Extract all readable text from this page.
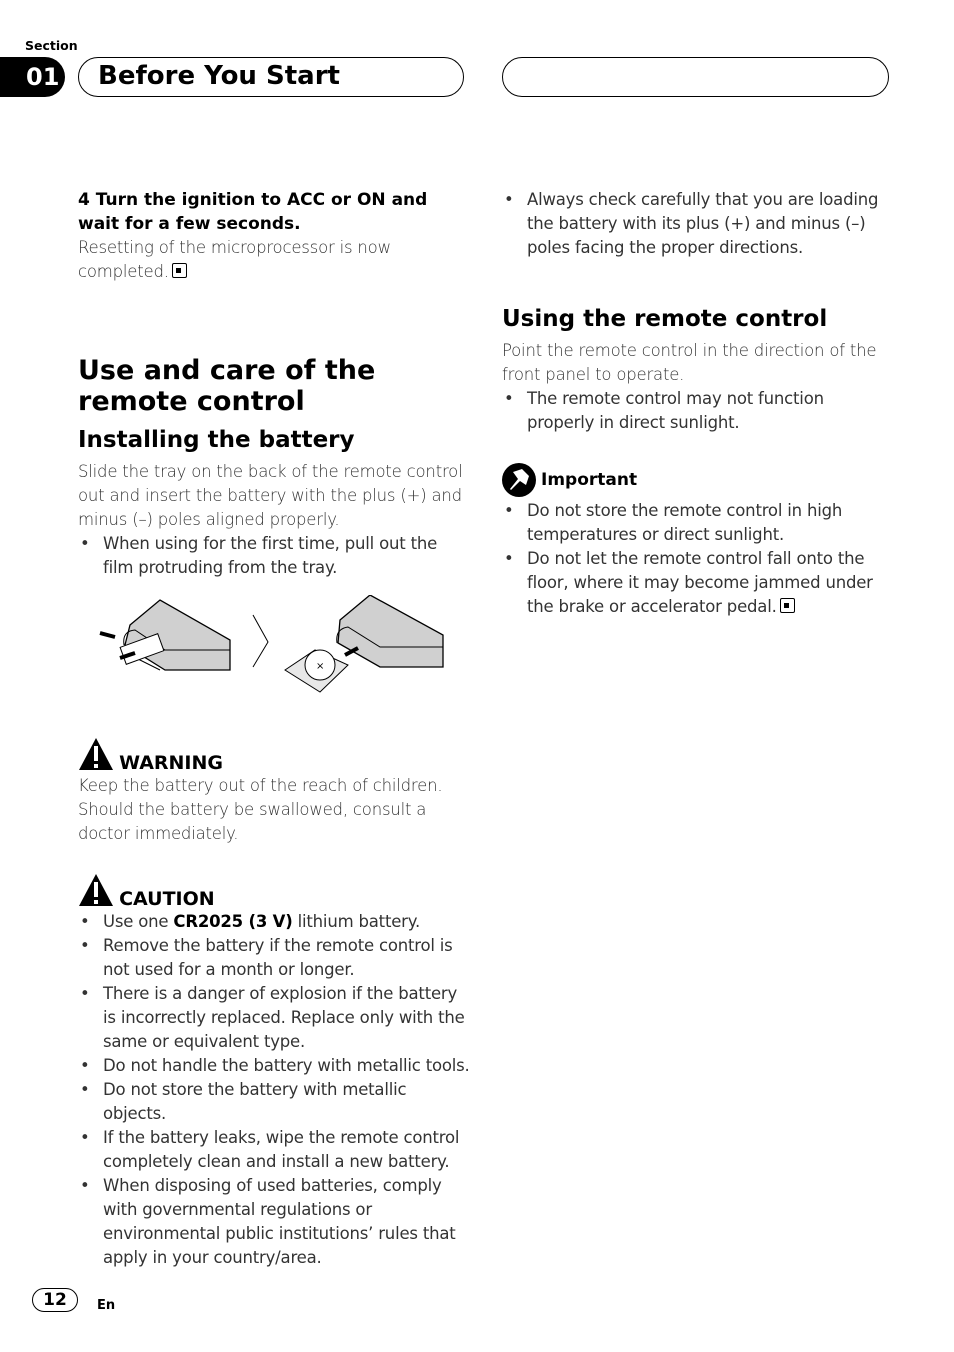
Section
01	Before You Start
4 Turn the ignition to ACC or ON and wait for a few seconds.
Resetting of the microprocessor is now completed.
Use and care of the remote control
Installing the battery
Slide the tray on the back of the remote control out and insert the battery with the plus (+) and minus (–) poles aligned properly.
• When using for the first time, pull out the film protruding from the tray.
×
WARNING
Keep the battery out of the reach of children. Should the battery be swallowed, consult a doctor immediately.
CAUTION
• Use one CR2025 (3 V) lithium battery.
• Remove the battery if the remote control is not used for a month or longer.
• There is a danger of explosion if the battery is incorrectly replaced. Replace only with the same or equivalent type.
• Do not handle the battery with metallic tools.
• Do not store the battery with metallic objects.
• If the battery leaks, wipe the remote control completely clean and install a new battery.
• When disposing of used batteries, comply with governmental regulations or environmental public institutions’ rules that apply in your country/area.
• Always check carefully that you are loading the battery with its plus (+) and minus (–) poles facing the proper directions.
Using the remote control
Point the remote control in the direction of the front panel to operate.
• The remote control may not function properly in direct sunlight.
Important
• Do not store the remote control in high temperatures or direct sunlight.
• Do not let the remote control fall onto the floor, where it may become jammed under the brake or accelerator pedal.
12	En
